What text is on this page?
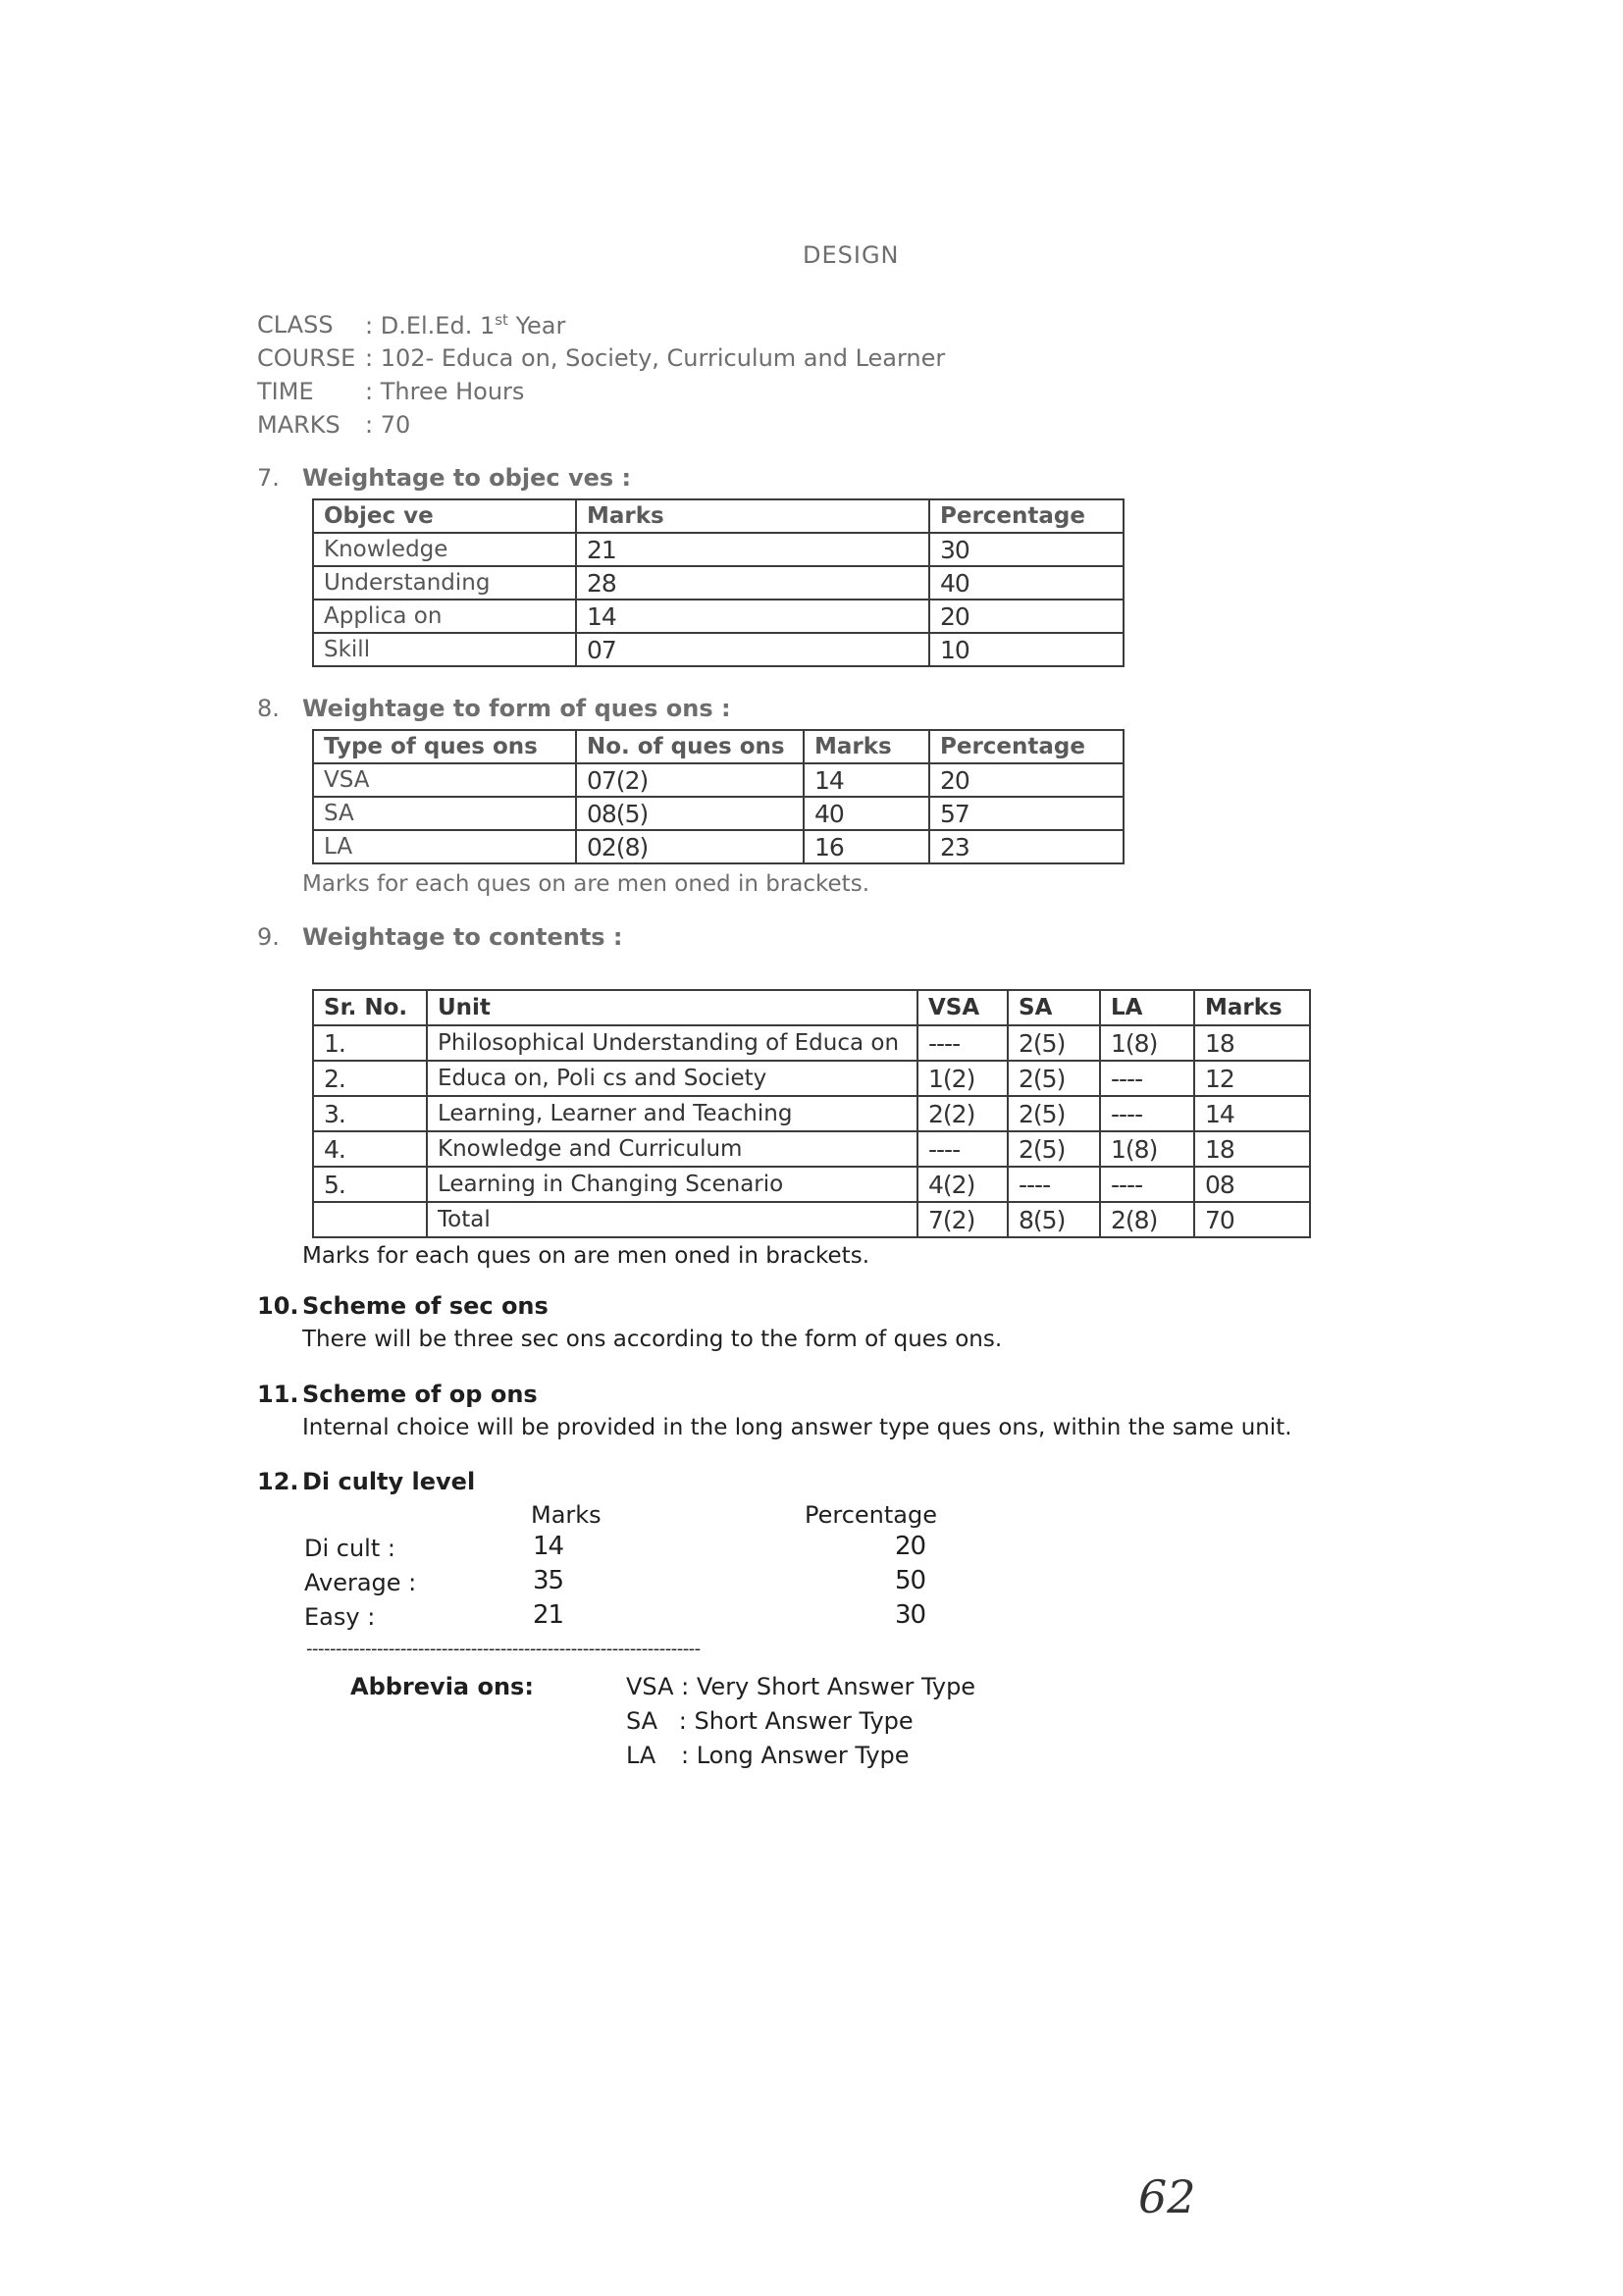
DESIGN
CLASS : D.El.Ed. 1st Year
COURSE : 102- Educa on, Society, Curriculum and Learner
TIME : Three Hours
MARKS : 70
7. Weightage to objec ves :
Objec ve	Marks	Percentage
Knowledge	21	30
Understanding	28	40
Applica on	14	20
Skill	07	10
8. Weightage to form of ques ons :
Type of ques ons	No. of ques ons	Marks	Percentage
VSA	07(2)	14	20
SA	08(5)	40	57
LA	02(8)	16	23
Marks for each ques on are men oned in brackets.
9. Weightage to contents :
Sr. No.	Unit	VSA	SA	LA	Marks
1.	Philosophical Understanding of Educa on	----	2(5)	1(8)	18
2.	Educa on, Poli cs and Society	1(2)	2(5)	----	12
3.	Learning, Learner and Teaching	2(2)	2(5)	----	14
4.	Knowledge and Curriculum	----	2(5)	1(8)	18
5.	Learning in Changing Scenario	4(2)	----	----	08
	Total	7(2)	8(5)	2(8)	70
Marks for each ques on are men oned in brackets.
10. Scheme of sec ons
There will be three sec ons according to the form of ques ons.
11. Scheme of op ons
Internal choice will be provided in the long answer type ques ons, within the same unit.
12. Di culty level
Marks	Percentage
Di cult :	14	20
Average :	35	50
Easy :	21	30
-------------------------------------------------------------------
Abbrevia ons:	VSA : Very Short Answer Type
SA : Short Answer Type
LA : Long Answer Type
62
